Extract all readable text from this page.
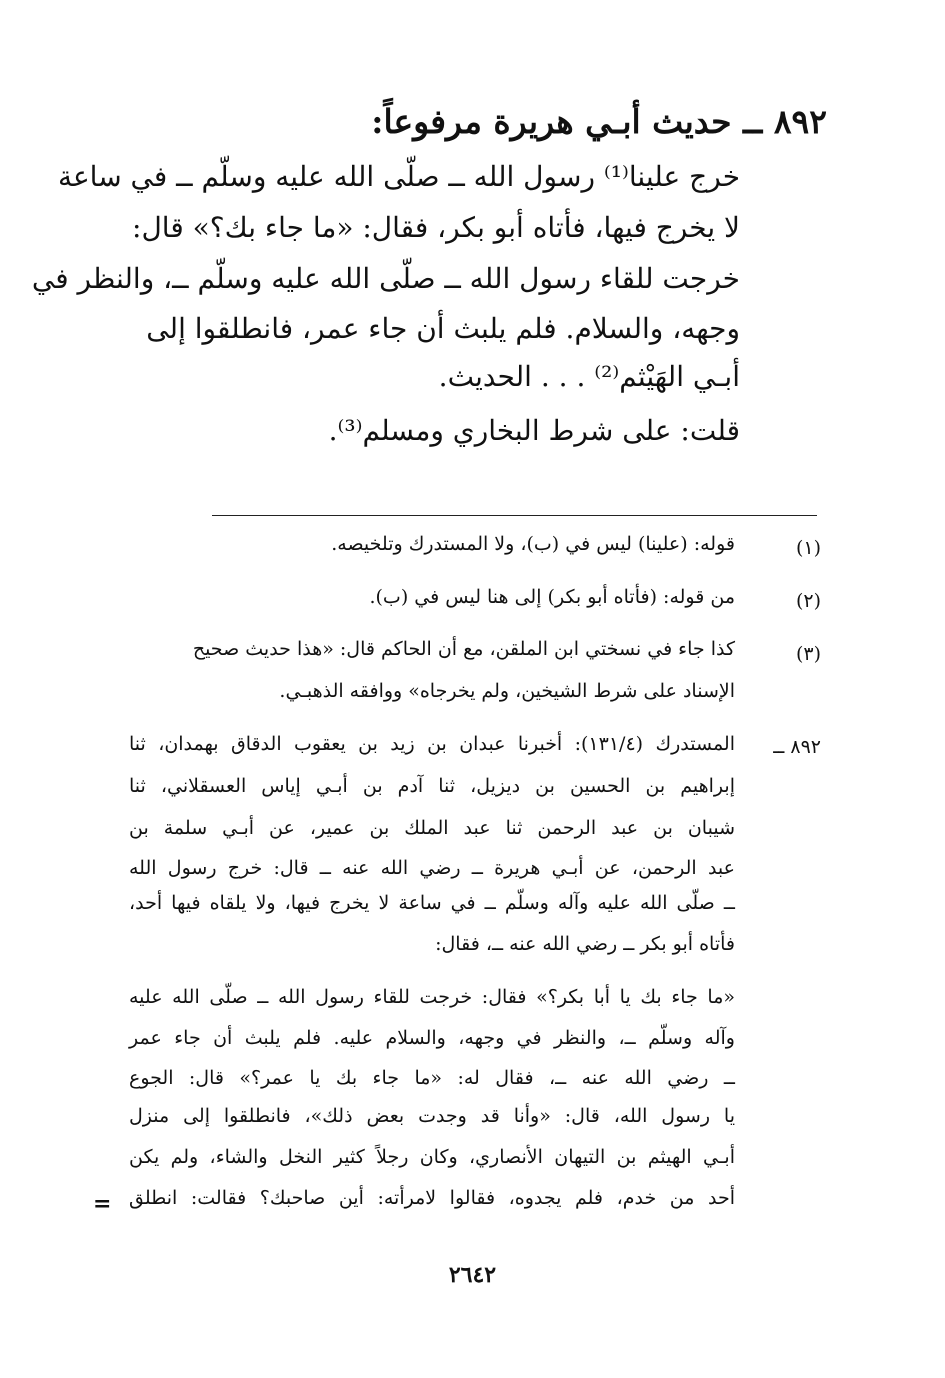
٨٩٢ ــ حديث أبـي هريرة مرفوعاً:
خرج علينا⁽¹⁾ رسول الله ــ صلّى الله عليه وسلّم ــ في ساعة
لا يخرج فيها، فأتاه أبو بكر، فقال: «ما جاء بك؟» قال:
خرجت للقاء رسول الله ــ صلّى الله عليه وسلّم ــ، والنظر في
وجهه، والسلام. فلم يلبث أن جاء عمر، فانطلقوا إلى
أبـي الهَيْثم⁽²⁾ . . . الحديث.
قلت: على شرط البخاري ومسلم⁽³⁾.
(١)
قوله: (علينا) ليس في (ب)، ولا المستدرك وتلخيصه.
(٢)
من قوله: (فأتاه أبو بكر) إلى هنا ليس في (ب).
(٣)
كذا جاء في نسختي ابن الملقن، مع أن الحاكم قال: «هذا حديث صحيح
الإسناد على شرط الشيخين، ولم يخرجاه» ووافقه الذهبـي.
٨٩٢ ــ
المستدرك (١٣١/٤): أخبرنا عبدان بن زيد بن يعقوب الدقاق بهمدان، ثنا
إبراهيم بن الحسين بن ديزيل، ثنا آدم بن أبـي إياس العسقلاني، ثنا
شيبان بن عبد الرحمن ثنا عبد الملك بن عمير، عن أبـي سلمة بن
عبد الرحمن، عن أبـي هريرة ــ رضي الله عنه ــ قال: خرج رسول الله
ــ صلّى الله عليه وآله وسلّم ــ في ساعة لا يخرج فيها، ولا يلقاه فيها أحد،
فأتاه أبو بكر ــ رضي الله عنه ــ، فقال:
«ما جاء بك يا أبا بكر؟» فقال: خرجت للقاء رسول الله ــ صلّى الله عليه
وآله وسلّم ــ، والنظر في وجهه، والسلام عليه. فلم يلبث أن جاء عمر
ــ رضي الله عنه ــ، فقال له: «ما جاء بك يا عمر؟» قال: الجوع
يا رسول الله، قال: «وأنا قد وجدت بعض ذلك»، فانطلقوا إلى منزل
أبـي الهيثم بن التيهان الأنصاري، وكان رجلاً كثير النخل والشاء، ولم يكن
أحد من خدم، فلم يجدوه، فقالوا لامرأته: أين صاحبك؟ فقالت: انطلق
=
٢٦٤٢
